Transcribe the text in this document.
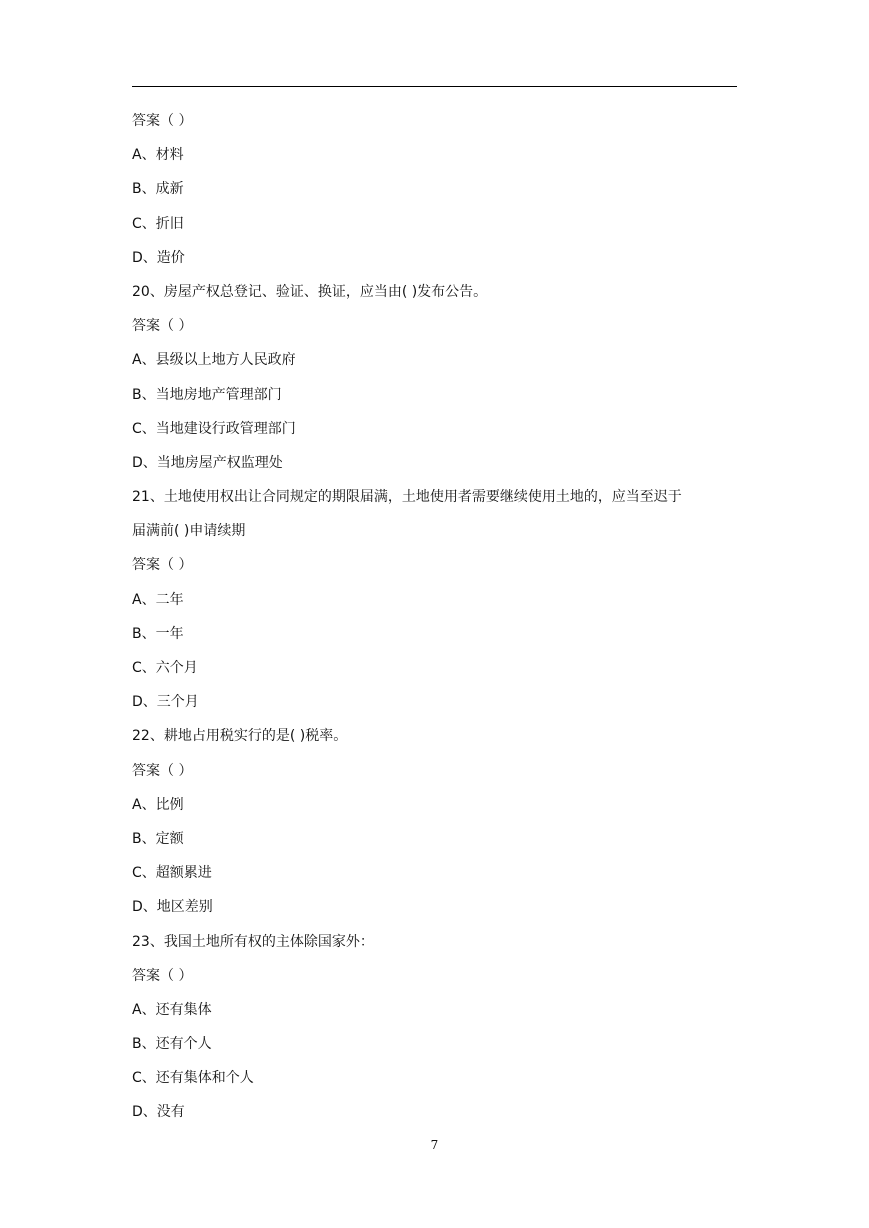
答案（ ）
A、材料
B、成新
C、折旧
D、造价
20、房屋产权总登记、验证、换证，应当由( )发布公告。
答案（ ）
A、县级以上地方人民政府
B、当地房地产管理部门
C、当地建设行政管理部门
D、当地房屋产权监理处
21、土地使用权出让合同规定的期限届满，土地使用者需要继续使用土地的，应当至迟于
届满前( )申请续期
答案（ ）
A、二年
B、一年
C、六个月
D、三个月
22、耕地占用税实行的是( )税率。
答案（ ）
A、比例
B、定额
C、超额累进
D、地区差别
23、我国土地所有权的主体除国家外：
答案（ ）
A、还有集体
B、还有个人
C、还有集体和个人
D、没有
7
